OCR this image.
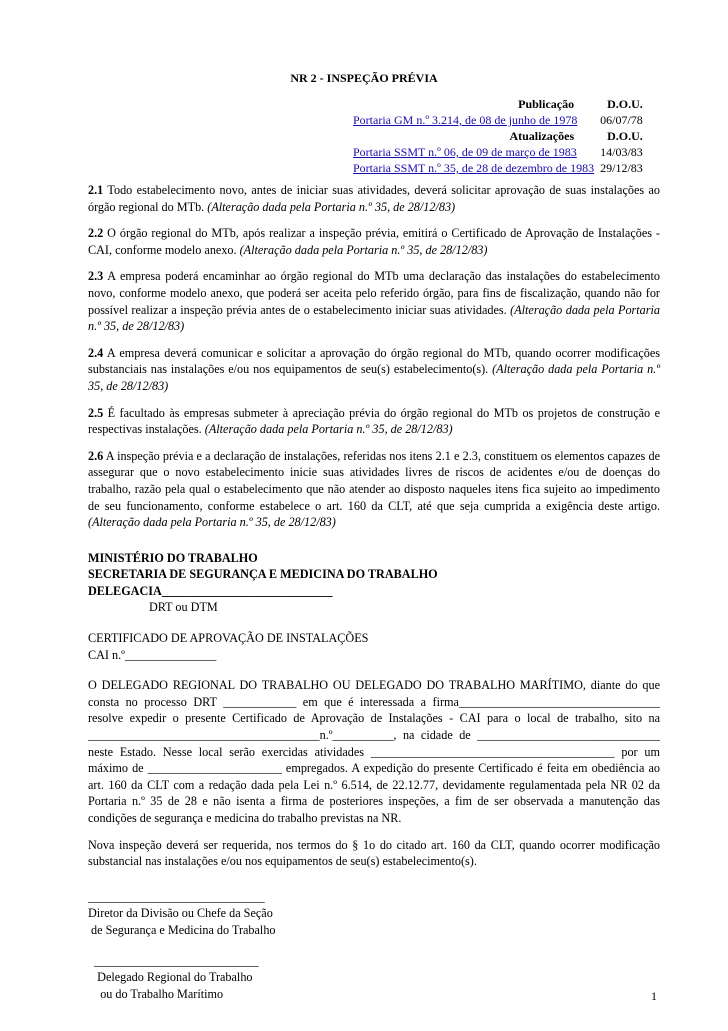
NR 2 - INSPEÇÃO PRÉVIA
Publicação	D.O.U.
Portaria GM n.º 3.214, de 08 de junho de 1978	06/07/78
Atualizações	D.O.U.
Portaria SSMT n.º 06, de 09 de março de 1983	14/03/83
Portaria SSMT n.º 35, de 28 de dezembro de 1983	29/12/83

2.1 Todo estabelecimento novo, antes de iniciar suas atividades, deverá solicitar aprovação de suas instalações ao órgão regional do MTb. (Alteração dada pela Portaria n.º 35, de 28/12/83)

2.2 O órgão regional do MTb, após realizar a inspeção prévia, emitirá o Certificado de Aprovação de Instalações - CAI, conforme modelo anexo. (Alteração dada pela Portaria n.º 35, de 28/12/83)

2.3 A empresa poderá encaminhar ao órgão regional do MTb uma declaração das instalações do estabelecimento novo, conforme modelo anexo, que poderá ser aceita pelo referido órgão, para fins de fiscalização, quando não for possível realizar a inspeção prévia antes de o estabelecimento iniciar suas atividades. (Alteração dada pela Portaria n.º 35, de 28/12/83)

2.4 A empresa deverá comunicar e solicitar a aprovação do órgão regional do MTb, quando ocorrer modificações substanciais nas instalações e/ou nos equipamentos de seu(s) estabelecimento(s). (Alteração dada pela Portaria n.º 35, de 28/12/83)

2.5 É facultado às empresas submeter à apreciação prévia do órgão regional do MTb os projetos de construção e respectivas instalações. (Alteração dada pela Portaria n.º 35, de 28/12/83)

2.6 A inspeção prévia e a declaração de instalações, referidas nos itens 2.1 e 2.3, constituem os elementos capazes de assegurar que o novo estabelecimento inicie suas atividades livres de riscos de acidentes e/ou de doenças do trabalho, razão pela qual o estabelecimento que não atender ao disposto naqueles itens fica sujeito ao impedimento de seu funcionamento, conforme estabelece o art. 160 da CLT, até que seja cumprida a exigência deste artigo. (Alteração dada pela Portaria n.º 35, de 28/12/83)

MINISTÉRIO DO TRABALHO

SECRETARIA DE SEGURANÇA E MEDICINA DO TRABALHO

DELEGACIA____________________________

DRT ou DTM

CERTIFICADO DE APROVAÇÃO DE INSTALAÇÕES

CAI n.º_______________

O DELEGADO REGIONAL DO TRABALHO OU DELEGADO DO TRABALHO MARÍTIMO, diante do que consta no processo DRT ____________ em que é interessada a firma_________________________________ resolve expedir o presente Certificado de Aprovação de Instalações - CAI para o local de trabalho, sito na ______________________________________n.º__________, na cidade de ______________________________ neste Estado. Nesse local serão exercidas atividades ________________________________________ por um máximo de ______________________ empregados. A expedição do presente Certificado é feita em obediência ao art. 160 da CLT com a redação dada pela Lei n.º 6.514, de 22.12.77, devidamente regulamentada pela NR 02 da Portaria n.º 35 de 28 e não isenta a firma de posteriores inspeções, a fim de ser observada a manutenção das condições de segurança e medicina do trabalho previstas na NR.

Nova inspeção deverá ser requerida, nos termos do § 1o do citado art. 160 da CLT, quando ocorrer modificação substancial nas instalações e/ou nos equipamentos de seu(s) estabelecimento(s).

_____________________________

Diretor da Divisão ou Chefe da Seção

de Segurança e Medicina do Trabalho

___________________________

Delegado Regional do Trabalho

ou do Trabalho Marítimo	1
